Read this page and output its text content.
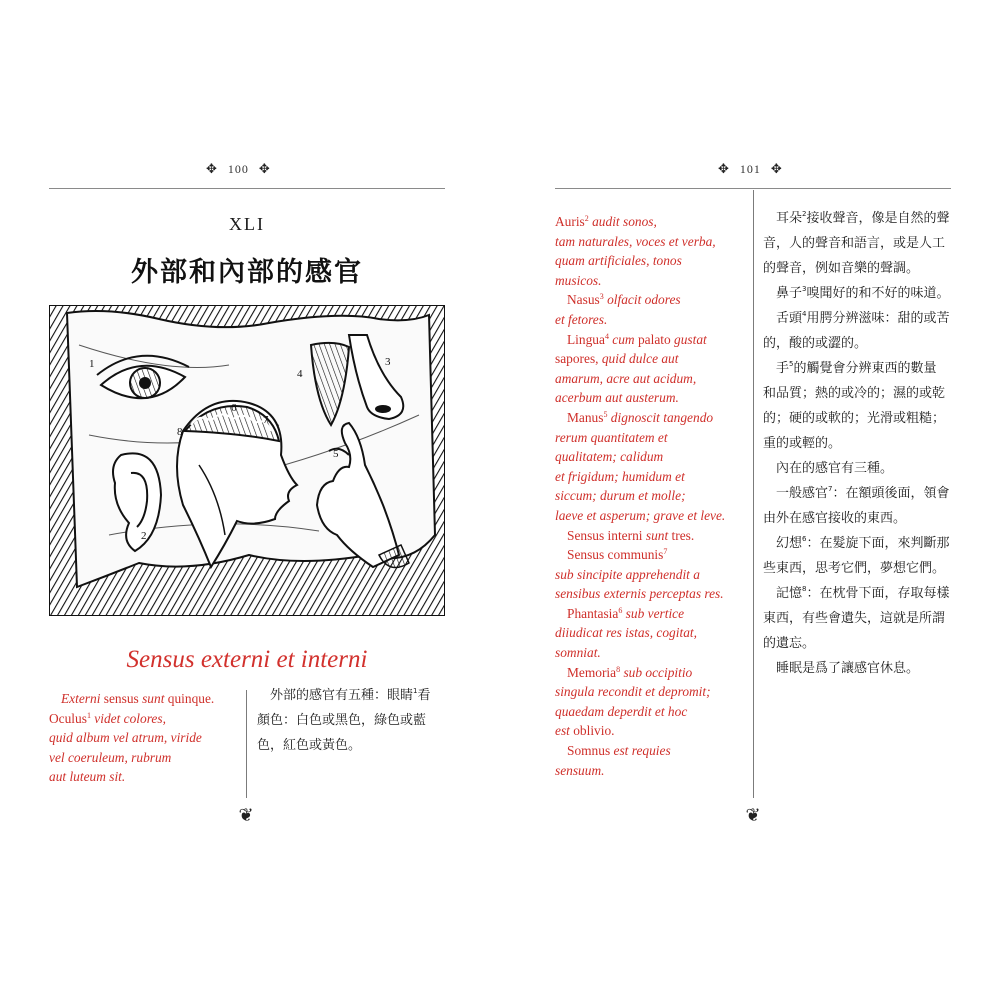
✥ 100 ✥
XLI
外部和內部的感官
4
3
2
8
7
6
5
1
Sensus externi et interni
Externi sensus sunt quinque.
Oculus$^1$ videt colores,
quid album vel atrum, viride
vel coeruleum, rubrum
aut luteum sit.
外部的感官有五種：眼睛$^1$看
顏色：白色或黑色，綠色或藍
色，紅色或黃色。
❦
✥ 101 ✥
Auris$^2$ audit sonos,
tam naturales, voces et verba,
quam artificiales, tonos
musicos.
Nasus$^3$ olfacit odores
et fetores.
Lingua$^4$ cum palato gustat
sapores, quid dulce aut
amarum, acre aut acidum,
acerbum aut austerum.
Manus$^5$ dignoscit tangendo
rerum quantitatem et
qualitatem; calidum
et frigidum; humidum et
siccum; durum et molle;
laeve et asperum; grave et leve.
Sensus interni sunt tres.
Sensus communis$^7$
sub sincipite apprehendit a
sensibus externis perceptas res.
Phantasia$^6$ sub vertice
diiudicat res istas, cogitat,
somniat.
Memoria$^8$ sub occipitio
singula recondit et depromit;
quaedam deperdit et hoc
est oblivio.
Somnus est requies
sensuum.
耳朵$^2$接收聲音，像是自然的聲
音，人的聲音和語言，或是人工
的聲音，例如音樂的聲調。
鼻子$^3$嗅聞好的和不好的味道。
舌頭$^4$用腭分辨滋味：甜的或苦
的，酸的或澀的。
手$^5$的觸覺會分辨東西的數量
和品質；熱的或冷的；濕的或乾
的；硬的或軟的；光滑或粗糙；
重的或輕的。
內在的感官有三種。
一般感官$^7$：在額頭後面，領會
由外在感官接收的東西。
幻想$^6$：在髮旋下面，來判斷那
些東西，思考它們，夢想它們。
記憶$^8$：在枕骨下面，存取每樣
東西，有些會遺失，這就是所謂
的遺忘。
睡眠是爲了讓感官休息。
❦
